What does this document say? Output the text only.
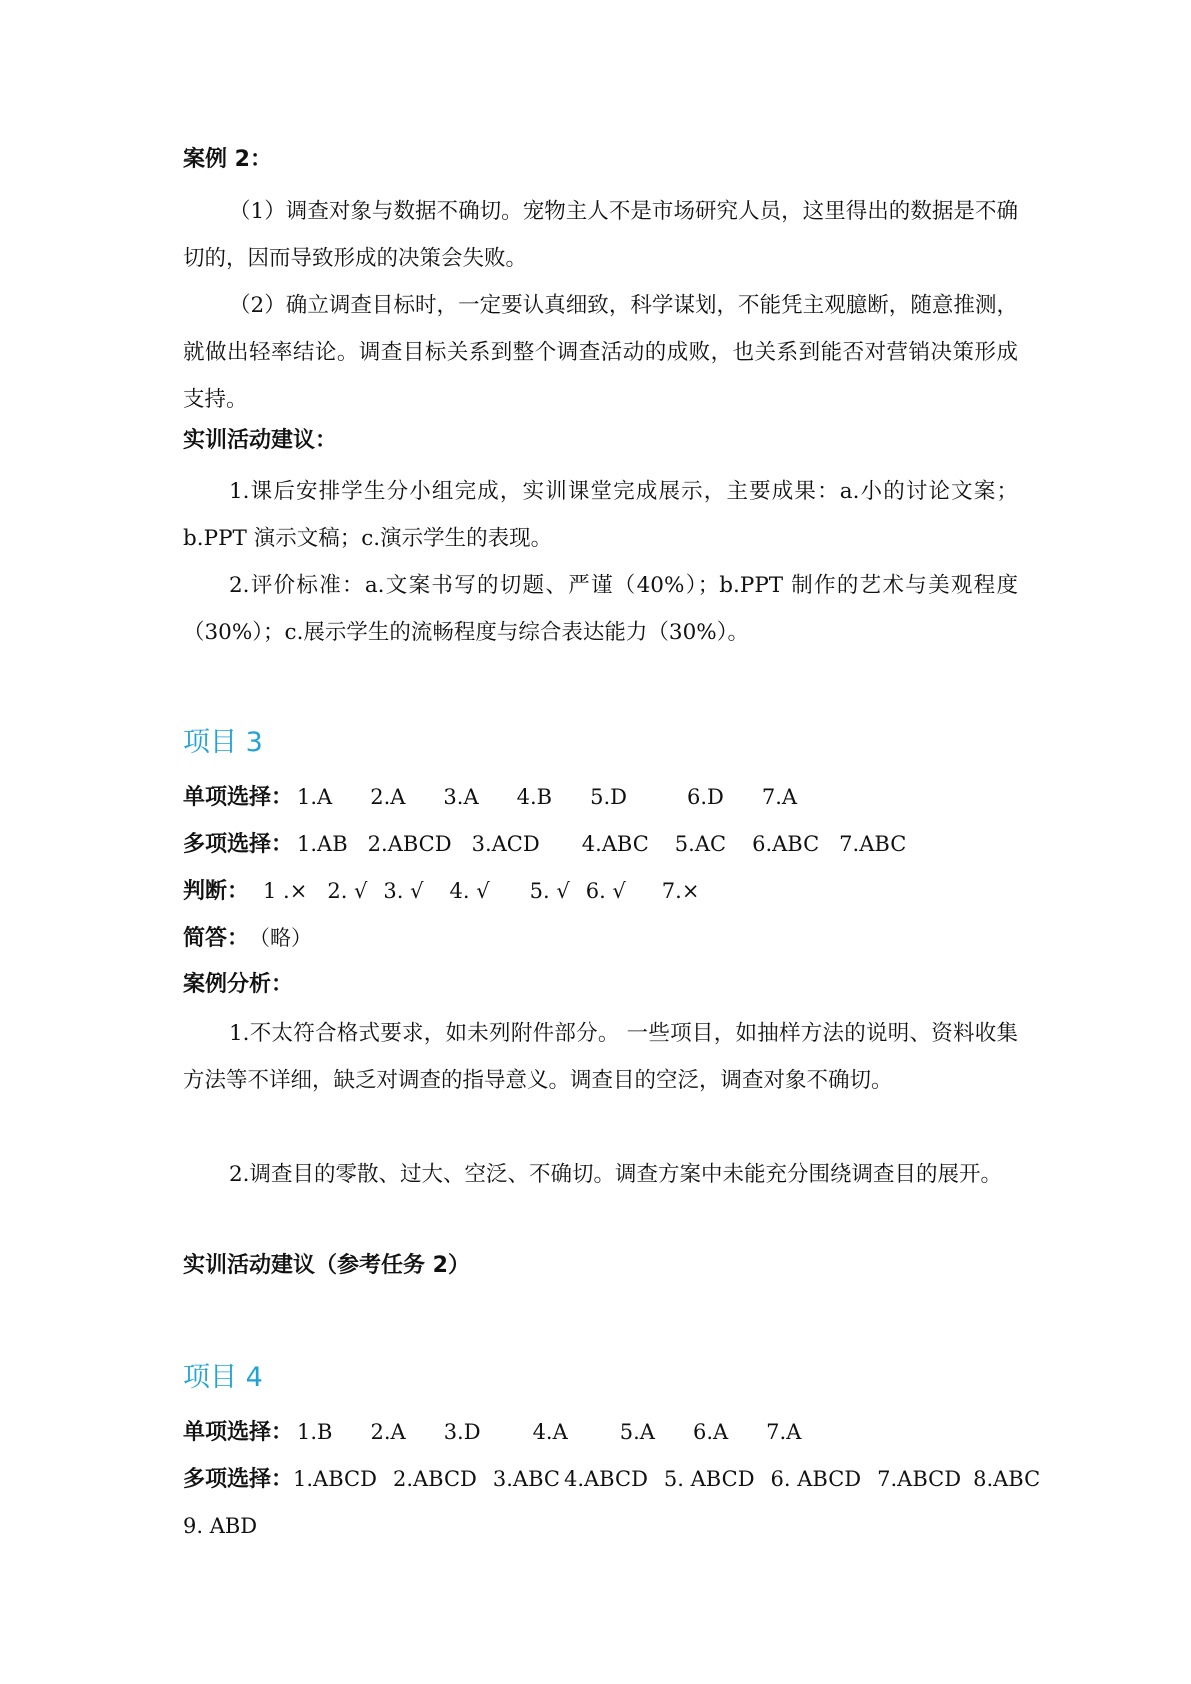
案例 2：
（1）调查对象与数据不确切。宠物主人不是市场研究人员，这里得出的数据是不确切的，因而导致形成的决策会失败。
（2）确立调查目标时，一定要认真细致，科学谋划，不能凭主观臆断，随意推测，就做出轻率结论。调查目标关系到整个调查活动的成败，也关系到能否对营销决策形成支持。
实训活动建议：
1.课后安排学生分小组完成，实训课堂完成展示，主要成果：a.小的讨论文案；b.PPT 演示文稿；c.演示学生的表现。
2.评价标准：a.文案书写的切题、严谨（40%）；b.PPT 制作的艺术与美观程度（30%）；c.展示学生的流畅程度与综合表达能力（30%）。
项目 3
单项选择： 1.A 2.A 3.A 4.B 5.D	6.D 7.A
多项选择： 1.AB 2.ABCD 3.ACD 4.ABC 5.AC 6.ABC 7.ABC
判断： 1 .× 2. √ 3. √ 4. √ 5. √ 6. √ 7.×
简答：（略）
案例分析：
1.不太符合格式要求，如未列附件部分。 一些项目，如抽样方法的说明、资料收集方法等不详细，缺乏对调查的指导意义。调查目的空泛，调查对象不确切。
2.调查目的零散、过大、空泛、不确切。调查方案中未能充分围绕调查目的展开。
实训活动建议（参考任务 2）
项目 4
单项选择： 1.B 2.A 3.D 4.A 5.A 6.A 7.A
多项选择：1.ABCD 2.ABCD 3.ABC 4.ABCD 5. ABCD 6. ABCD 7.ABCD 8.ABC
9. ABD
